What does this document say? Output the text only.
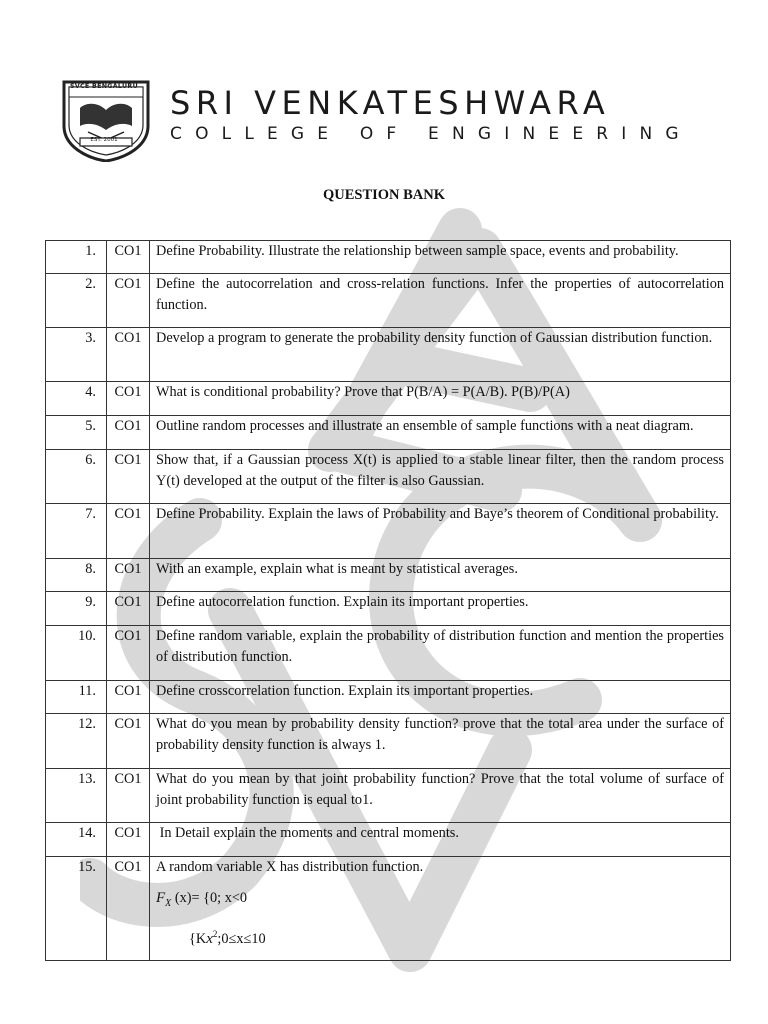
SVCE BENGALURU
EST. 2001
SRI VENKATESHWARA
COLLEGE OF ENGINEERING
QUESTION BANK
1.	CO1	Define Probability. Illustrate the relationship between sample space, events and probability.

2.	CO1	Define the autocorrelation and cross-relation functions. Infer the properties of autocorrelation function.

3.	CO1	Develop a program to generate the probability density function of Gaussian distribution function.

4.	CO1	What is conditional probability? Prove that P(B/A) = P(A/B). P(B)/P(A)

5.	CO1	Outline random processes and illustrate an ensemble of sample functions with a neat diagram.

6.	CO1	Show that, if a Gaussian process X(t) is applied to a stable linear filter, then the random process Y(t) developed at the output of the filter is also Gaussian.

7.	CO1	Define Probability. Explain the laws of Probability and Baye’s theorem of Conditional probability.

8.	CO1	With an example, explain what is meant by statistical averages.

9.	CO1	Define autocorrelation function. Explain its important properties.

10.	CO1	Define random variable, explain the probability of distribution function and mention the properties of distribution function.

11.	CO1	Define crosscorrelation function. Explain its important properties.

12.	CO1	What do you mean by probability density function? prove that the total area under the surface of probability density function is always 1.

13.	CO1	What do you mean by that joint probability function? Prove that the total volume of surface of joint probability function is equal to1.

14.	CO1	In Detail explain the moments and central moments.

15.	CO1	A random variable X has distribution function.
$F_X$ (x)= {0; x<0
{$Kx^2;0\le x\le 10$
